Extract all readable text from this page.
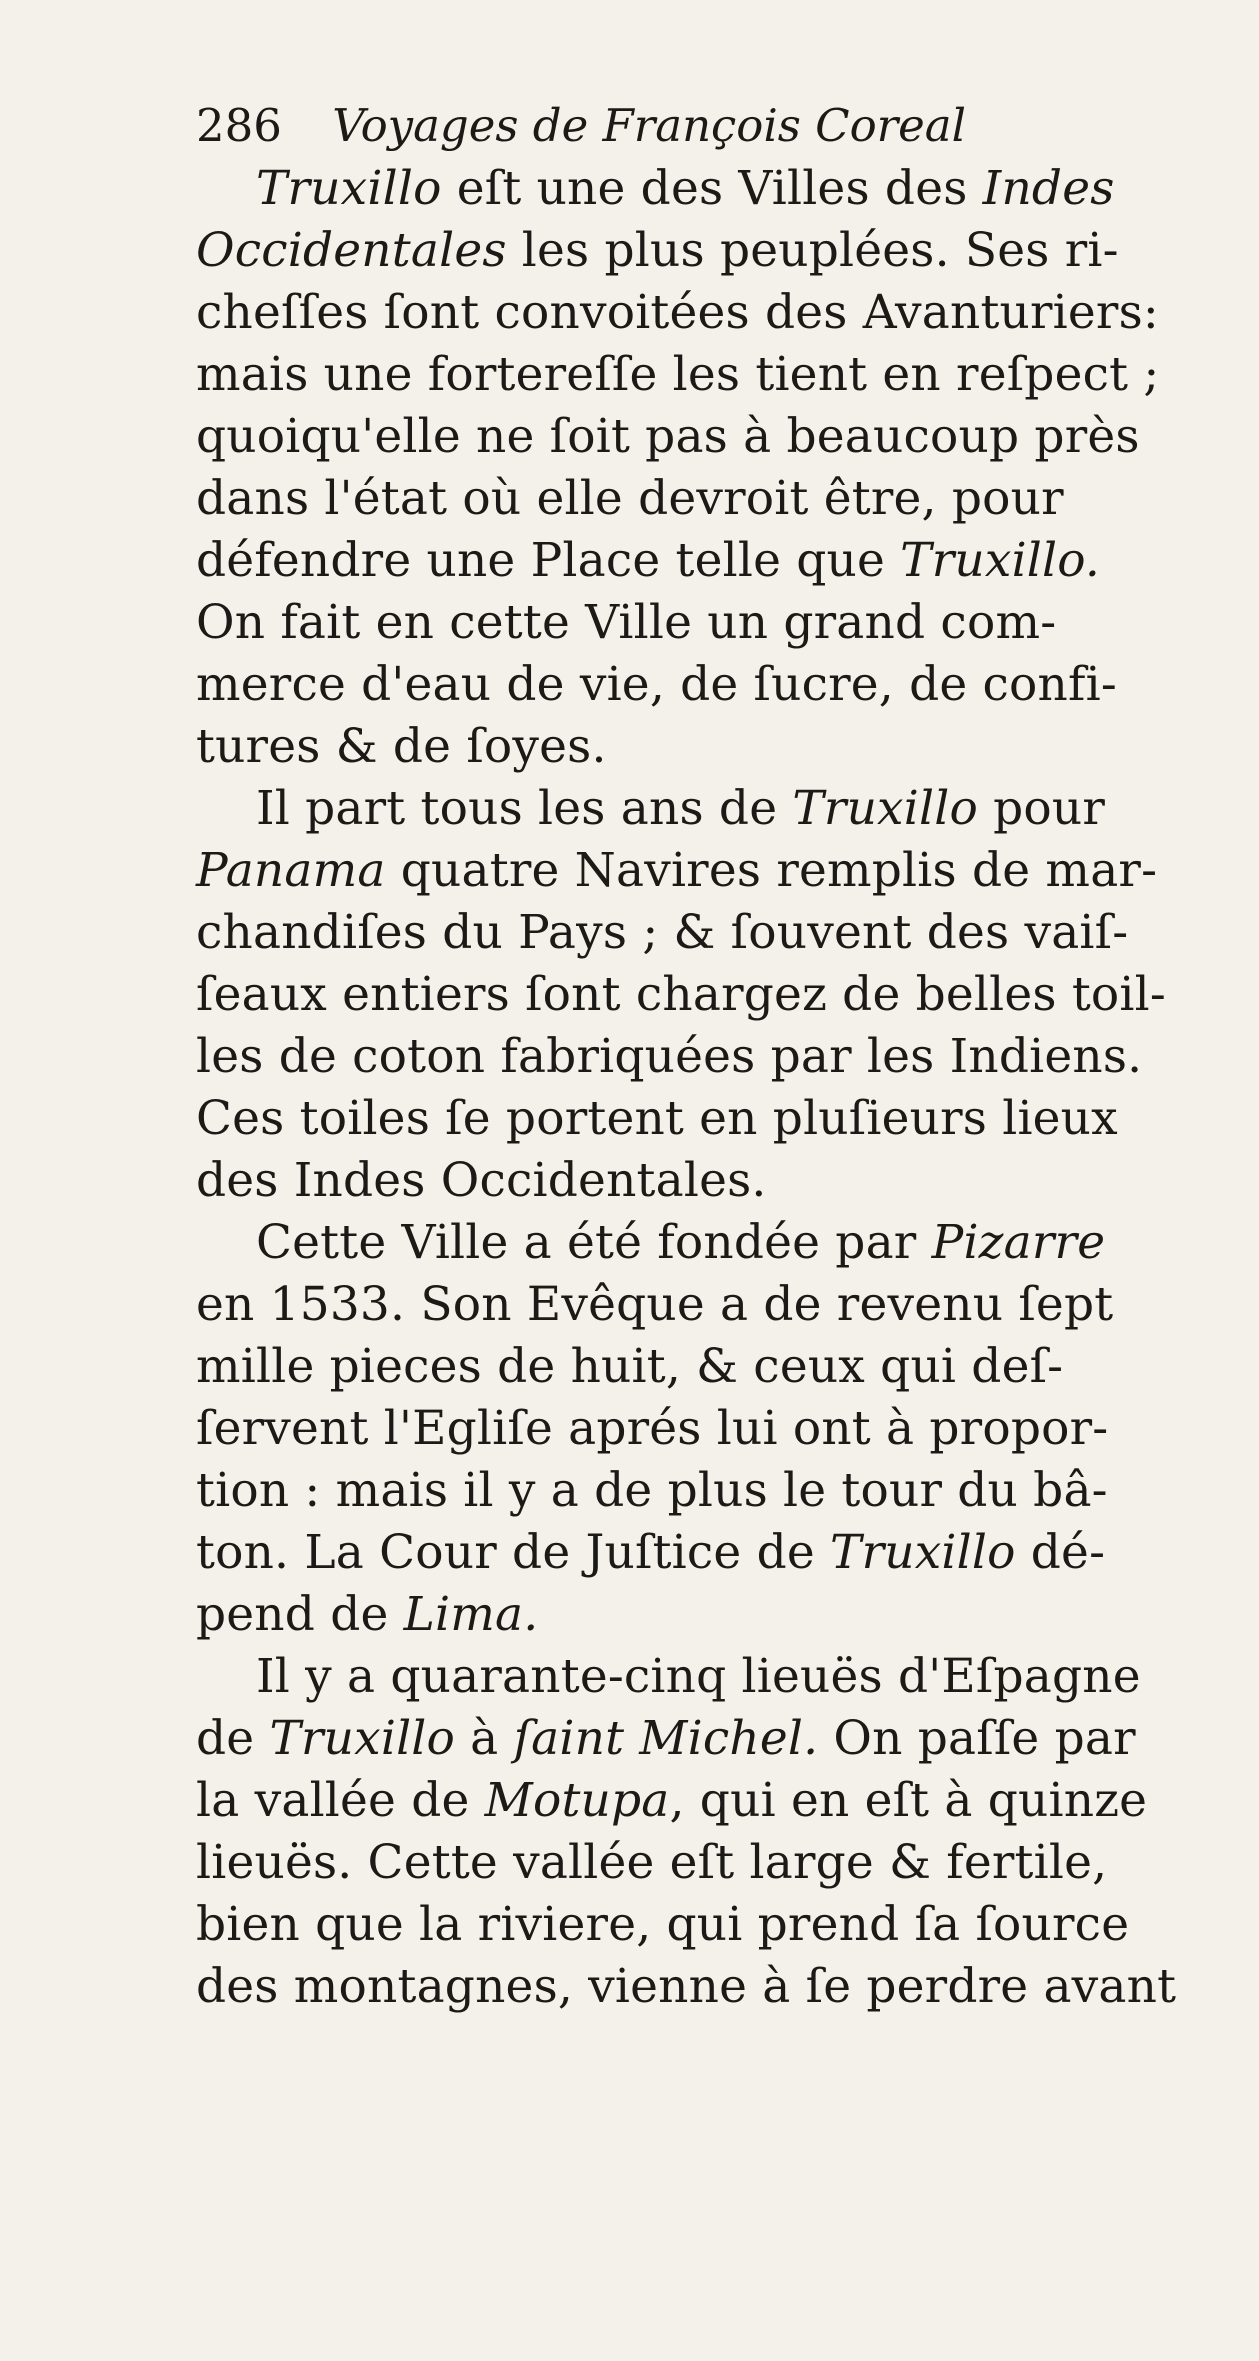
286 Voyages de François Coreal
Truxillo eſt une des Villes des Indes
Occidentales les plus peuplées. Ses ri-
cheſſes ſont convoitées des Avanturiers:
mais une fortereſſe les tient en reſpect ;
quoiqu'elle ne ſoit pas à beaucoup près
dans l'état où elle devroit être, pour
défendre une Place telle que Truxillo.
On fait en cette Ville un grand com-
merce d'eau de vie, de ſucre, de confi-
tures & de ſoyes.
Il part tous les ans de Truxillo pour
Panama quatre Navires remplis de mar-
chandiſes du Pays ; & ſouvent des vaiſ-
ſeaux entiers ſont chargez de belles toil-
les de coton fabriquées par les Indiens.
Ces toiles ſe portent en pluſieurs lieux
des Indes Occidentales.
Cette Ville a été fondée par Pizarre
en 1533. Son Evêque a de revenu ſept
mille pieces de huit, & ceux qui deſ-
ſervent l'Egliſe aprés lui ont à propor-
tion : mais il y a de plus le tour du bâ-
ton. La Cour de Juſtice de Truxillo dé-
pend de Lima.
Il y a quarante-cinq lieuës d'Eſpagne
de Truxillo à ſaint Michel. On paſſe par
la vallée de Motupa, qui en eſt à quinze
lieuës. Cette vallée eſt large & fertile,
bien que la riviere, qui prend ſa ſource
des montagnes, vienne à ſe perdre avant
